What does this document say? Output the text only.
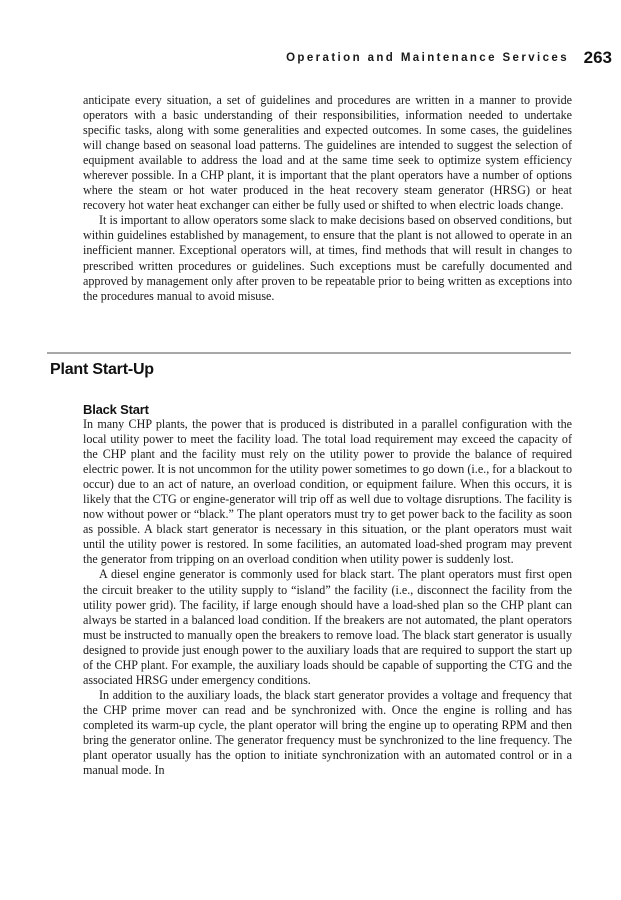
Operation and Maintenance Services 263

anticipate every situation, a set of guidelines and procedures are written in a manner to provide operators with a basic understanding of their responsibilities, information needed to undertake specific tasks, along with some generalities and expected outcomes. In some cases, the guidelines will change based on seasonal load patterns. The guidelines are intended to suggest the selection of equipment available to address the load and at the same time seek to optimize system efficiency wherever possible. In a CHP plant, it is important that the plant operators have a number of options where the steam or hot water produced in the heat recovery steam generator (HRSG) or heat recovery hot water heat exchanger can either be fully used or shifted to when electric loads change.

It is important to allow operators some slack to make decisions based on observed conditions, but within guidelines established by management, to ensure that the plant is not allowed to operate in an inefficient manner. Exceptional operators will, at times, find methods that will result in changes to prescribed written procedures or guidelines. Such exceptions must be carefully documented and approved by management only after proven to be repeatable prior to being written as exceptions into the procedures manual to avoid misuse.

Plant Start-Up
Black Start

In many CHP plants, the power that is produced is distributed in a parallel configuration with the local utility power to meet the facility load. The total load requirement may exceed the capacity of the CHP plant and the facility must rely on the utility power to provide the balance of required electric power. It is not uncommon for the utility power sometimes to go down (i.e., for a blackout to occur) due to an act of nature, an overload condition, or equipment failure. When this occurs, it is likely that the CTG or engine-generator will trip off as well due to voltage disruptions. The facility is now without power or “black.” The plant operators must try to get power back to the facility as soon as possible. A black start generator is necessary in this situation, or the plant operators must wait until the utility power is restored. In some facilities, an automated load-shed program may prevent the generator from tripping on an overload condition when utility power is suddenly lost.

A diesel engine generator is commonly used for black start. The plant operators must first open the circuit breaker to the utility supply to “island” the facility (i.e., disconnect the facility from the utility power grid). The facility, if large enough should have a load-shed plan so the CHP plant can always be started in a balanced load condition. If the breakers are not automated, the plant operators must be instructed to manually open the breakers to remove load. The black start generator is usually designed to provide just enough power to the auxiliary loads that are required to support the start up of the CHP plant. For example, the auxiliary loads should be capable of supporting the CTG and the associated HRSG under emergency conditions.

In addition to the auxiliary loads, the black start generator provides a voltage and frequency that the CHP prime mover can read and be synchronized with. Once the engine is rolling and has completed its warm-up cycle, the plant operator will bring the engine up to operating RPM and then bring the generator online. The generator frequency must be synchronized to the line frequency. The plant operator usually has the option to initiate synchronization with an automated control or in a manual mode. In
